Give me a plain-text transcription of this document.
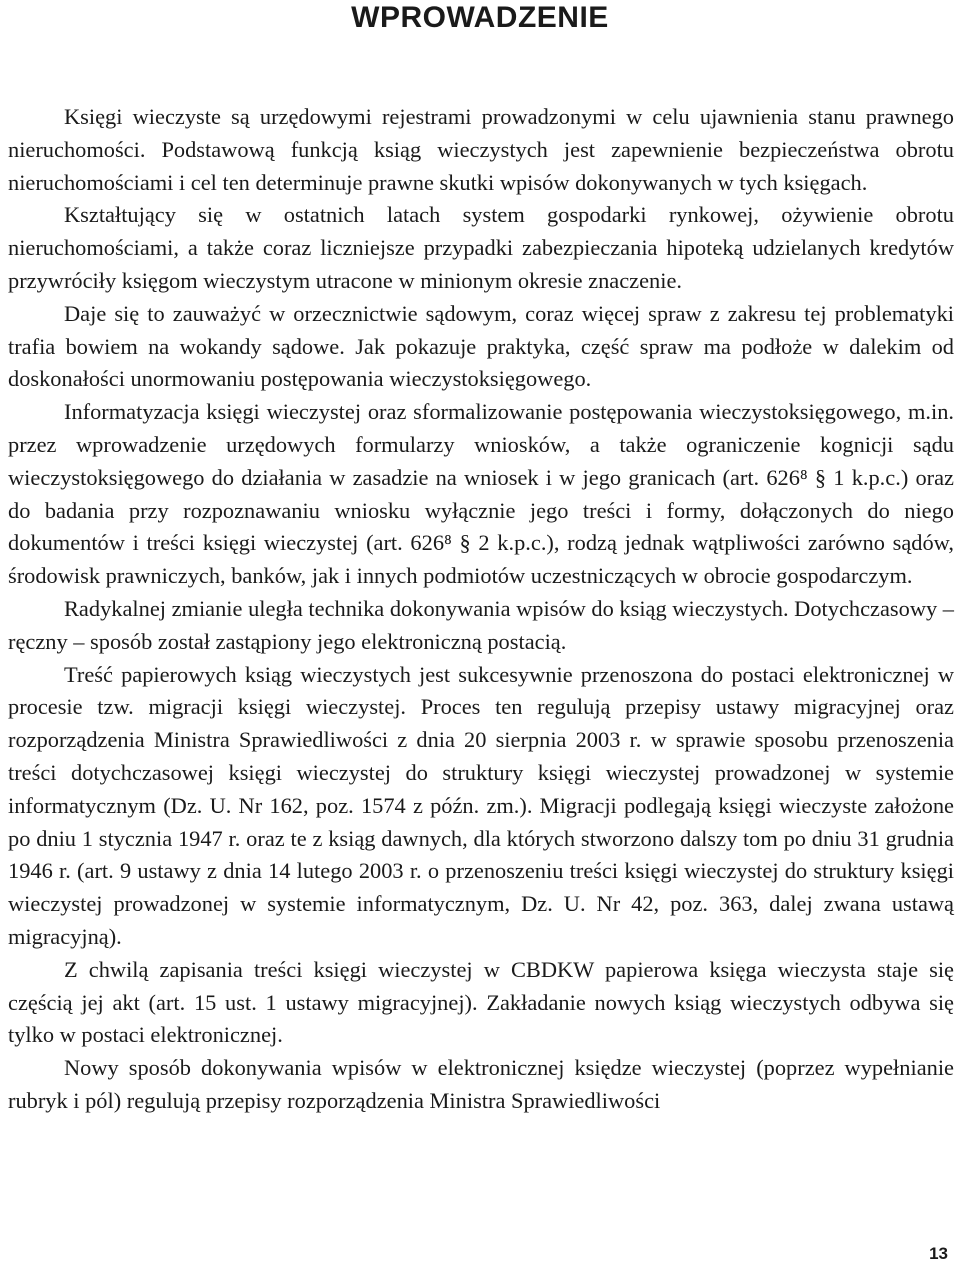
WPROWADZENIE

Księgi wieczyste są urzędowymi rejestrami prowadzonymi w celu ujawnienia stanu prawnego nieruchomości. Podstawową funkcją ksiąg wieczystych jest zapewnienie bezpieczeństwa obrotu nieruchomościami i cel ten determinuje prawne skutki wpisów dokonywanych w tych księgach.

Kształtujący się w ostatnich latach system gospodarki rynkowej, ożywienie obrotu nieruchomościami, a także coraz liczniejsze przypadki zabezpieczania hipoteką udzielanych kredytów przywróciły księgom wieczystym utracone w minionym okresie znaczenie.

Daje się to zauważyć w orzecznictwie sądowym, coraz więcej spraw z zakresu tej problematyki trafia bowiem na wokandy sądowe. Jak pokazuje praktyka, część spraw ma podłoże w dalekim od doskonałości unormowaniu postępowania wieczystoksięgowego.

Informatyzacja księgi wieczystej oraz sformalizowanie postępowania wieczystoksięgowego, m.in. przez wprowadzenie urzędowych formularzy wniosków, a także ograniczenie kognicji sądu wieczystoksięgowego do działania w zasadzie na wniosek i w jego granicach (art. 626⁸ § 1 k.p.c.) oraz do badania przy rozpoznawaniu wniosku wyłącznie jego treści i formy, dołączonych do niego dokumentów i treści księgi wieczystej (art. 626⁸ § 2 k.p.c.), rodzą jednak wątpliwości zarówno sądów, środowisk prawniczych, banków, jak i innych podmiotów uczestniczących w obrocie gospodarczym.

Radykalnej zmianie uległa technika dokonywania wpisów do ksiąg wieczystych. Dotychczasowy – ręczny – sposób został zastąpiony jego elektroniczną postacią.

Treść papierowych ksiąg wieczystych jest sukcesywnie przenoszona do postaci elektronicznej w procesie tzw. migracji księgi wieczystej. Proces ten regulują przepisy ustawy migracyjnej oraz rozporządzenia Ministra Sprawiedliwości z dnia 20 sierpnia 2003 r. w sprawie sposobu przenoszenia treści dotychczasowej księgi wieczystej do struktury księgi wieczystej prowadzonej w systemie informatycznym (Dz. U. Nr 162, poz. 1574 z późn. zm.). Migracji podlegają księgi wieczyste założone po dniu 1 stycznia 1947 r. oraz te z ksiąg dawnych, dla których stworzono dalszy tom po dniu 31 grudnia 1946 r. (art. 9 ustawy z dnia 14 lutego 2003 r. o przenoszeniu treści księgi wieczystej do struktury księgi wieczystej prowadzonej w systemie informatycznym, Dz. U. Nr 42, poz. 363, dalej zwana ustawą migracyjną).

Z chwilą zapisania treści księgi wieczystej w CBDKW papierowa księga wieczysta staje się częścią jej akt (art. 15 ust. 1 ustawy migracyjnej). Zakładanie nowych ksiąg wieczystych odbywa się tylko w postaci elektronicznej.

Nowy sposób dokonywania wpisów w elektronicznej księdze wieczystej (poprzez wypełnianie rubryk i pól) regulują przepisy rozporządzenia Ministra Sprawiedliwości

13
